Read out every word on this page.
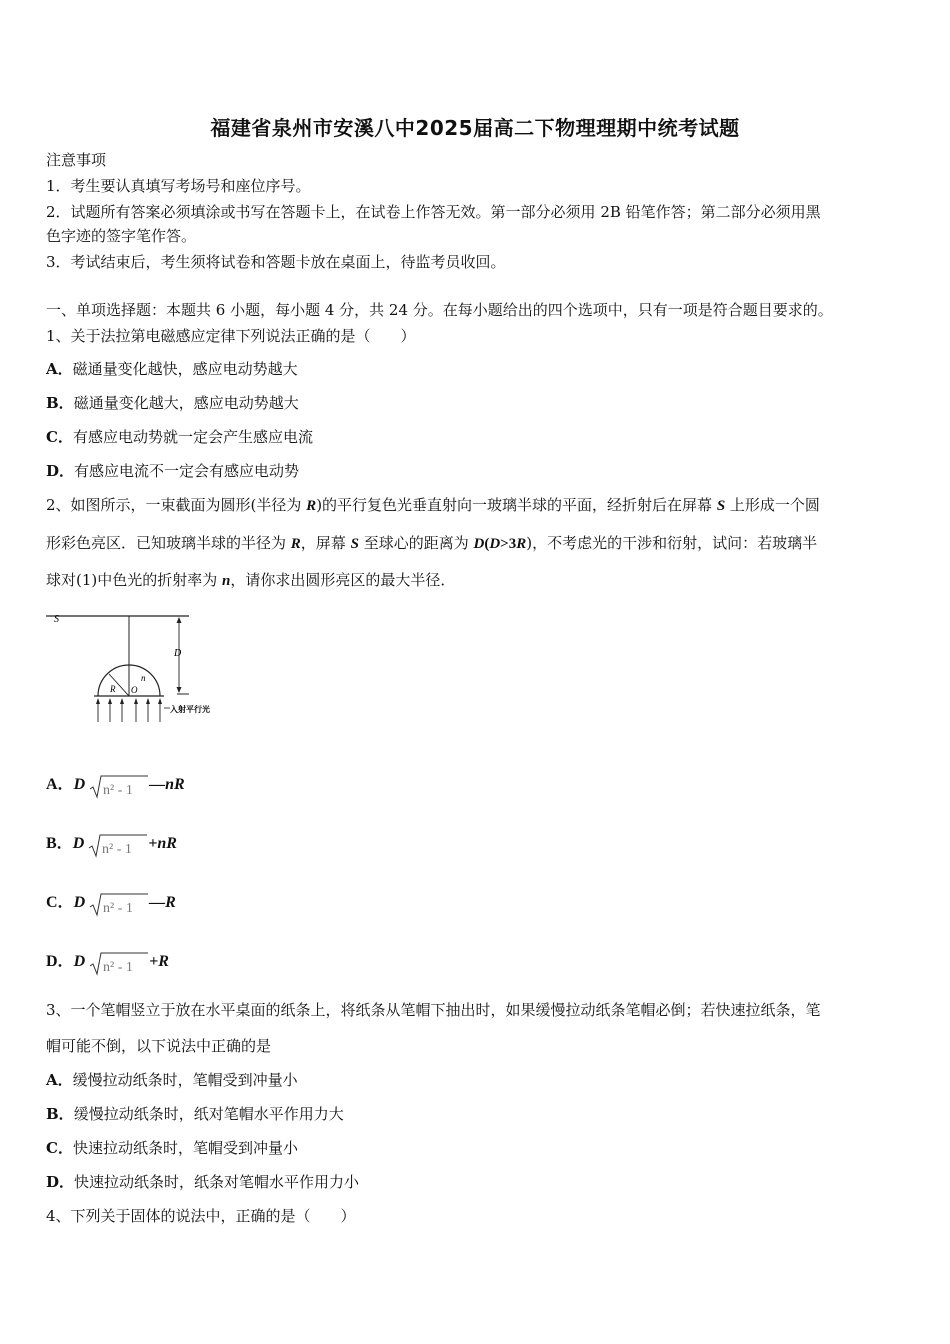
福建省泉州市安溪八中2025届高二下物理理期中统考试题
注意事项
1．考生要认真填写考场号和座位序号。
2．试题所有答案必须填涂或书写在答题卡上，在试卷上作答无效。第一部分必须用 2B 铅笔作答；第二部分必须用黑
色字迹的签字笔作答。
3．考试结束后，考生须将试卷和答题卡放在桌面上，待监考员收回。
一、单项选择题：本题共 6 小题，每小题 4 分，共 24 分。在每小题给出的四个选项中，只有一项是符合题目要求的。
1、关于法拉第电磁感应定律下列说法正确的是（　　）
A．磁通量变化越快，感应电动势越大
B．磁通量变化越大，感应电动势越大
C．有感应电动势就一定会产生感应电流
D．有感应电流不一定会有感应电动势
2、如图所示，一束截面为圆形(半径为 R)的平行复色光垂直射向一玻璃半球的平面，经折射后在屏幕 S 上形成一个圆
形彩色亮区．已知玻璃半球的半径为 R，屏幕 S 至球心的距离为 D(D>3R)，不考虑光的干涉和衍射，试问：若玻璃半
球对(1)中色光的折射率为 n，请你求出圆形亮区的最大半径．
S
D
R O
n
入射平行光
A．D n² - 1 —nR
B．D n² - 1 +nR
C．D n² - 1 —R
D．D n² - 1 +R
3、一个笔帽竖立于放在水平桌面的纸条上，将纸条从笔帽下抽出时，如果缓慢拉动纸条笔帽必倒；若快速拉纸条，笔
帽可能不倒，以下说法中正确的是
A．缓慢拉动纸条时，笔帽受到冲量小
B．缓慢拉动纸条时，纸对笔帽水平作用力大
C．快速拉动纸条时，笔帽受到冲量小
D．快速拉动纸条时，纸条对笔帽水平作用力小
4、下列关于固体的说法中，正确的是（　　）
